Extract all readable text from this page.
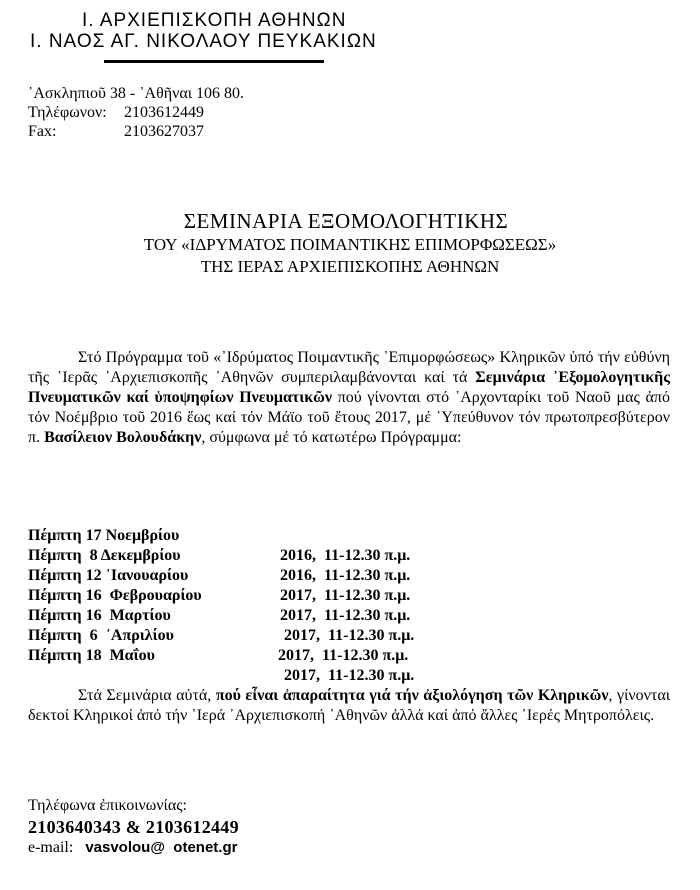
Ι. ΑΡΧΙΕΠΙΣΚΟΠΗ ΑΘΗΝΩΝ
Ι. ΝΑΟΣ ΑΓ. ΝΙΚΟΛΑΟΥ ΠΕΥΚΑΚΙΩΝ
᾽Ασκληπιοῦ 38 - ᾽Αθῆναι 106 80.
Τηλέφωνον:	2103612449
Fax:	2103627037
ΣΕΜΙΝΑΡΙΑ ΕΞΟΜΟΛΟΓΗΤΙΚΗΣ
ΤΟΥ «ΙΔΡΥΜΑΤΟΣ ΠΟΙΜΑΝΤΙΚΗΣ ΕΠΙΜΟΡΦΩΣΕΩΣ»
ΤΗΣ ΙΕΡΑΣ ΑΡΧΙΕΠΙΣΚΟΠΗΣ ΑΘΗΝΩΝ

Στό Πρόγραμμα τοῦ «᾽Ιδρύματος Ποιμαντικῆς ᾽Επιμορφώσεως» Κληρικῶν ὑπό τήν εὐθύνη τῆς ῾Ιερᾶς ᾽Αρχιεπισκοπῆς ᾽Αθηνῶν συμπεριλαμβάνονται καί τά Σεμινάρια ᾽Εξομολογητικῆς Πνευματικῶν καί ὑποψηφίων Πνευματικῶν πού γίνονται στό ᾽Αρχονταρίκι τοῦ Ναοῦ μας ἀπό τόν Νοέμβριο τοῦ 2016 ἕως καί τόν Μάϊο τοῦ ἔτους 2017, μέ ῾Υπεύθυνον τόν πρωτοπρεσβύτερον π. Βασίλειον Βολουδάκην, σύμφωνα μέ τό κατωτέρω Πρόγραμμα:

Πέμπτη 17 Νοεμβρίου

2016,  11-12.30 π.μ.

Πέμπτη  8 Δεκεμβρίου

2016,  11-12.30 π.μ.

Πέμπτη 12 ᾽Ιανουαρίου

2017,  11-12.30 π.μ.

Πέμπτη 16  Φεβρουαρίου

2017,  11-12.30 π.μ.

Πέμπτη 16  Μαρτίου

2017,  11-12.30 π.μ.

Πέμπτη  6  ᾽Απριλίου

2017,  11-12.30 π.μ.

Πέμπτη 18  Μαΐου

2017,  11-12.30 π.μ.

Στά Σεμινάρια αὐτά, πού εἶναι ἀπαραίτητα γιά τήν ἀξιολόγηση τῶν Κληρικῶν, γίνονται δεκτοί Κληρικοί ἀπό τήν ῾Ιερά ᾽Αρχιεπισκοπή ᾽Αθηνῶν ἀλλά καί ἀπό ἄλλες ῾Ιερές Μητροπόλεις.

Τηλέφωνα ἐπικοινωνίας:
2103640343 & 2103612449
e-mail: vasvolou@  otenet.gr
